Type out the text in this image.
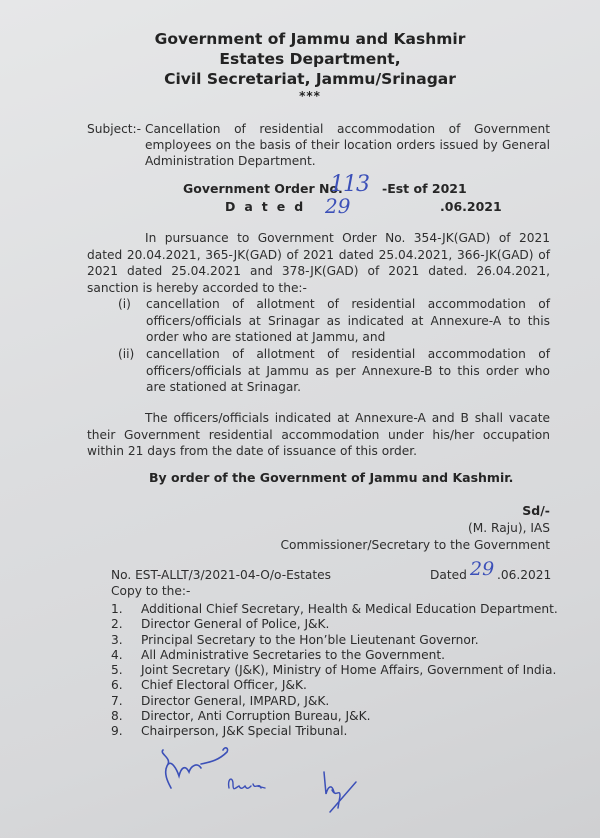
Government of Jammu and Kashmir
Estates Department,
Civil Secretariat, Jammu/Srinagar
***
Subject:- Cancellation of residential accommodation of Government employees on the basis of their location orders issued by General Administration Department.
Government Order No.
113 -Est of 2021
Dated 29	.06.2021
In pursuance to Government Order No. 354-JK(GAD) of 2021 dated 20.04.2021, 365-JK(GAD) of 2021 dated 25.04.2021, 366-JK(GAD) of 2021 dated 25.04.2021 and 378-JK(GAD) of 2021 dated. 26.04.2021, sanction is hereby accorded to the:-
(i) cancellation of allotment of residential accommodation of officers/officials at Srinagar as indicated at Annexure-A to this order who are stationed at Jammu, and
(ii) cancellation of allotment of residential accommodation of officers/officials at Jammu as per Annexure-B to this order who are stationed at Srinagar.
The officers/officials indicated at Annexure-A and B shall vacate their Government residential accommodation under his/her occupation within 21 days from the date of issuance of this order.
By order of the Government of Jammu and Kashmir.
Sd/-
(M. Raju), IAS
Commissioner/Secretary to the Government
No. EST-ALLT/3/2021-04-O/o-Estates	Dated 29 .06.2021
Copy to the:-
1. Additional Chief Secretary, Health & Medical Education Department.
2. Director General of Police, J&K.
3. Principal Secretary to the Hon’ble Lieutenant Governor.
4. All Administrative Secretaries to the Government.
5. Joint Secretary (J&K), Ministry of Home Affairs, Government of India.
6. Chief Electoral Officer, J&K.
7. Director General, IMPARD, J&K.
8. Director, Anti Corruption Bureau, J&K.
9. Chairperson, J&K Special Tribunal.
